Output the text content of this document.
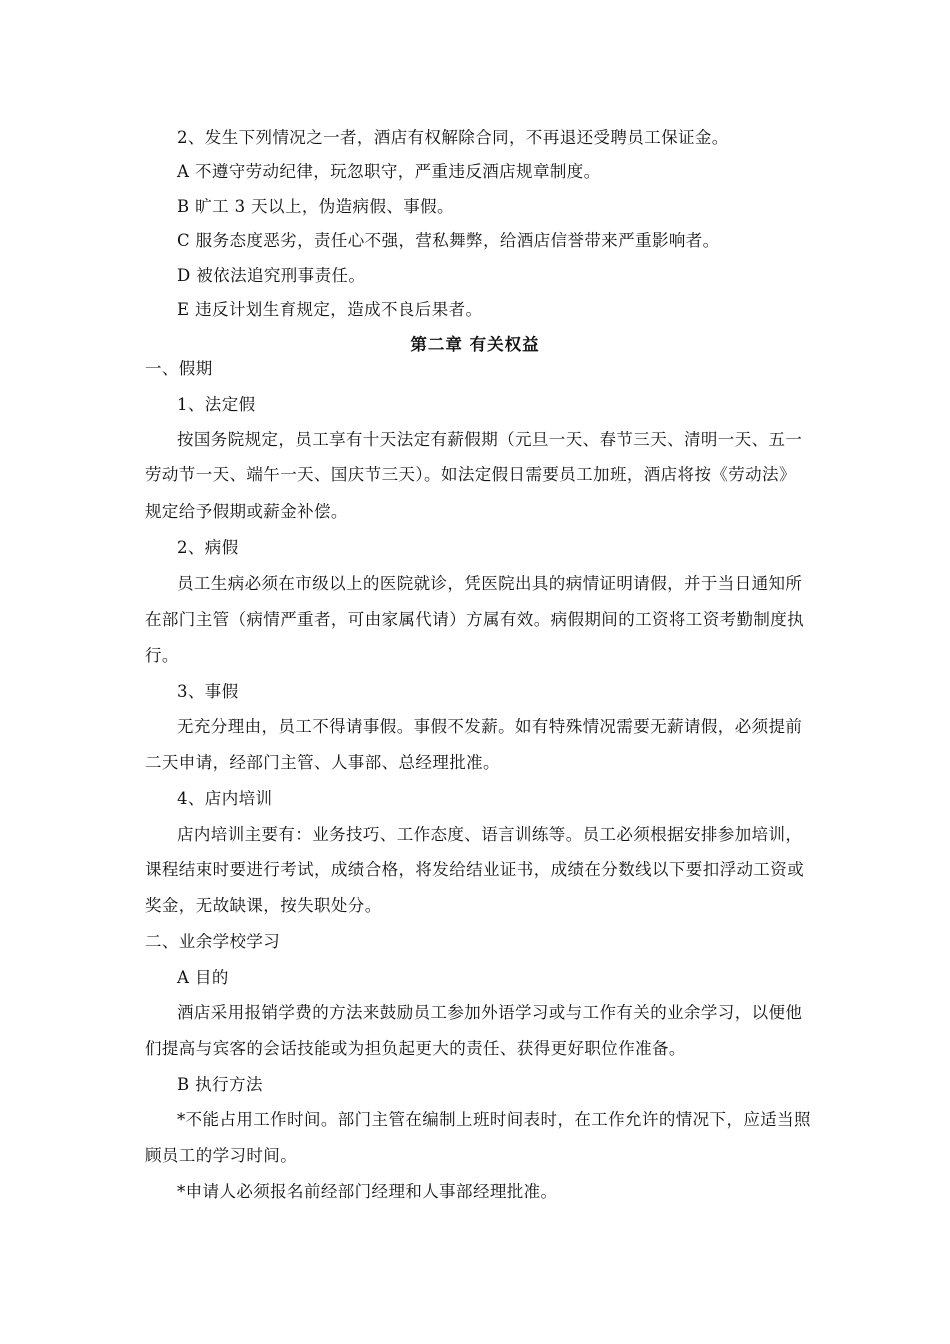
2、发生下列情况之一者，酒店有权解除合同，不再退还受聘员工保证金。
A 不遵守劳动纪律，玩忽职守，严重违反酒店规章制度。
B 旷工 3 天以上，伪造病假、事假。
C 服务态度恶劣，责任心不强，营私舞弊，给酒店信誉带来严重影响者。
D 被依法追究刑事责任。
E 违反计划生育规定，造成不良后果者。
第二章 有关权益
一、假期
1、法定假
按国务院规定，员工享有十天法定有薪假期（元旦一天、春节三天、清明一天、五一
劳动节一天、端午一天、国庆节三天）。如法定假日需要员工加班，酒店将按《劳动法》
规定给予假期或薪金补偿。
2、病假
员工生病必须在市级以上的医院就诊，凭医院出具的病情证明请假，并于当日通知所
在部门主管（病情严重者，可由家属代请）方属有效。病假期间的工资将工资考勤制度执
行。
3、事假
无充分理由，员工不得请事假。事假不发薪。如有特殊情况需要无薪请假，必须提前
二天申请，经部门主管、人事部、总经理批准。
4、店内培训
店内培训主要有：业务技巧、工作态度、语言训练等。员工必须根据安排参加培训，
课程结束时要进行考试，成绩合格，将发给结业证书，成绩在分数线以下要扣浮动工资或
奖金，无故缺课，按失职处分。
二、业余学校学习
A 目的
酒店采用报销学费的方法来鼓励员工参加外语学习或与工作有关的业余学习，以便他
们提高与宾客的会话技能或为担负起更大的责任、获得更好职位作准备。
B 执行方法
*不能占用工作时间。部门主管在编制上班时间表时，在工作允许的情况下，应适当照
顾员工的学习时间。
*申请人必须报名前经部门经理和人事部经理批准。
